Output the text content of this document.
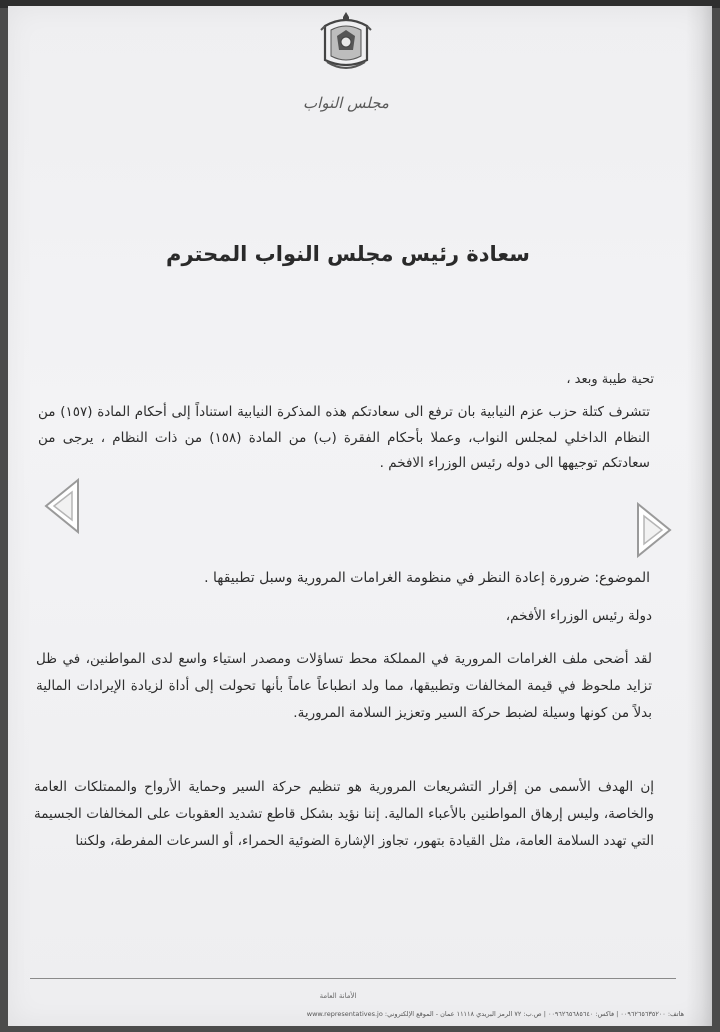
مجلس النواب
سعادة رئيس مجلس النواب المحترم
تحية طيبة وبعد ،
تتشرف كتلة حزب عزم النيابية بان ترفع الى سعادتكم هذه المذكرة النيابية استناداً إلى أحكام المادة (١٥٧) من النظام الداخلي لمجلس النواب، وعملا بأحكام الفقرة (ب) من المادة (١٥٨) من ذات النظام ، يرجى من سعادتكم توجيهها الى دوله رئيس الوزراء الافخم .
الموضوع: ضرورة إعادة النظر في منظومة الغرامات المرورية وسبل تطبيقها .
دولة رئيس الوزراء الأفخم،
لقد أضحى ملف الغرامات المرورية في المملكة محط تساؤلات ومصدر استياء واسع لدى المواطنين، في ظل تزايد ملحوظ في قيمة المخالفات وتطبيقها، مما ولد انطباعاً عاماً بأنها تحولت إلى أداة لزيادة الإيرادات المالية بدلاً من كونها وسيلة لضبط حركة السير وتعزيز السلامة المرورية.
إن الهدف الأسمى من إقرار التشريعات المرورية هو تنظيم حركة السير وحماية الأرواح والممتلكات العامة والخاصة، وليس إرهاق المواطنين بالأعباء المالية. إننا نؤيد بشكل قاطع تشديد العقوبات على المخالفات الجسيمة التي تهدد السلامة العامة، مثل القيادة بتهور، تجاوز الإشارة الضوئية الحمراء، أو السرعات المفرطة، ولكننا
الأمانة العامة
هاتف: ٠٠٩٦٢٦٥٦٣٥٢٠٠ | فاكس: ٠٠٩٦٢٦٥٦٨٥٦٤٠ | ص.ب: ٧٢ الرمز البريدي ١١١١٨ عمان - الموقع الإلكتروني: www.representatives.jo
